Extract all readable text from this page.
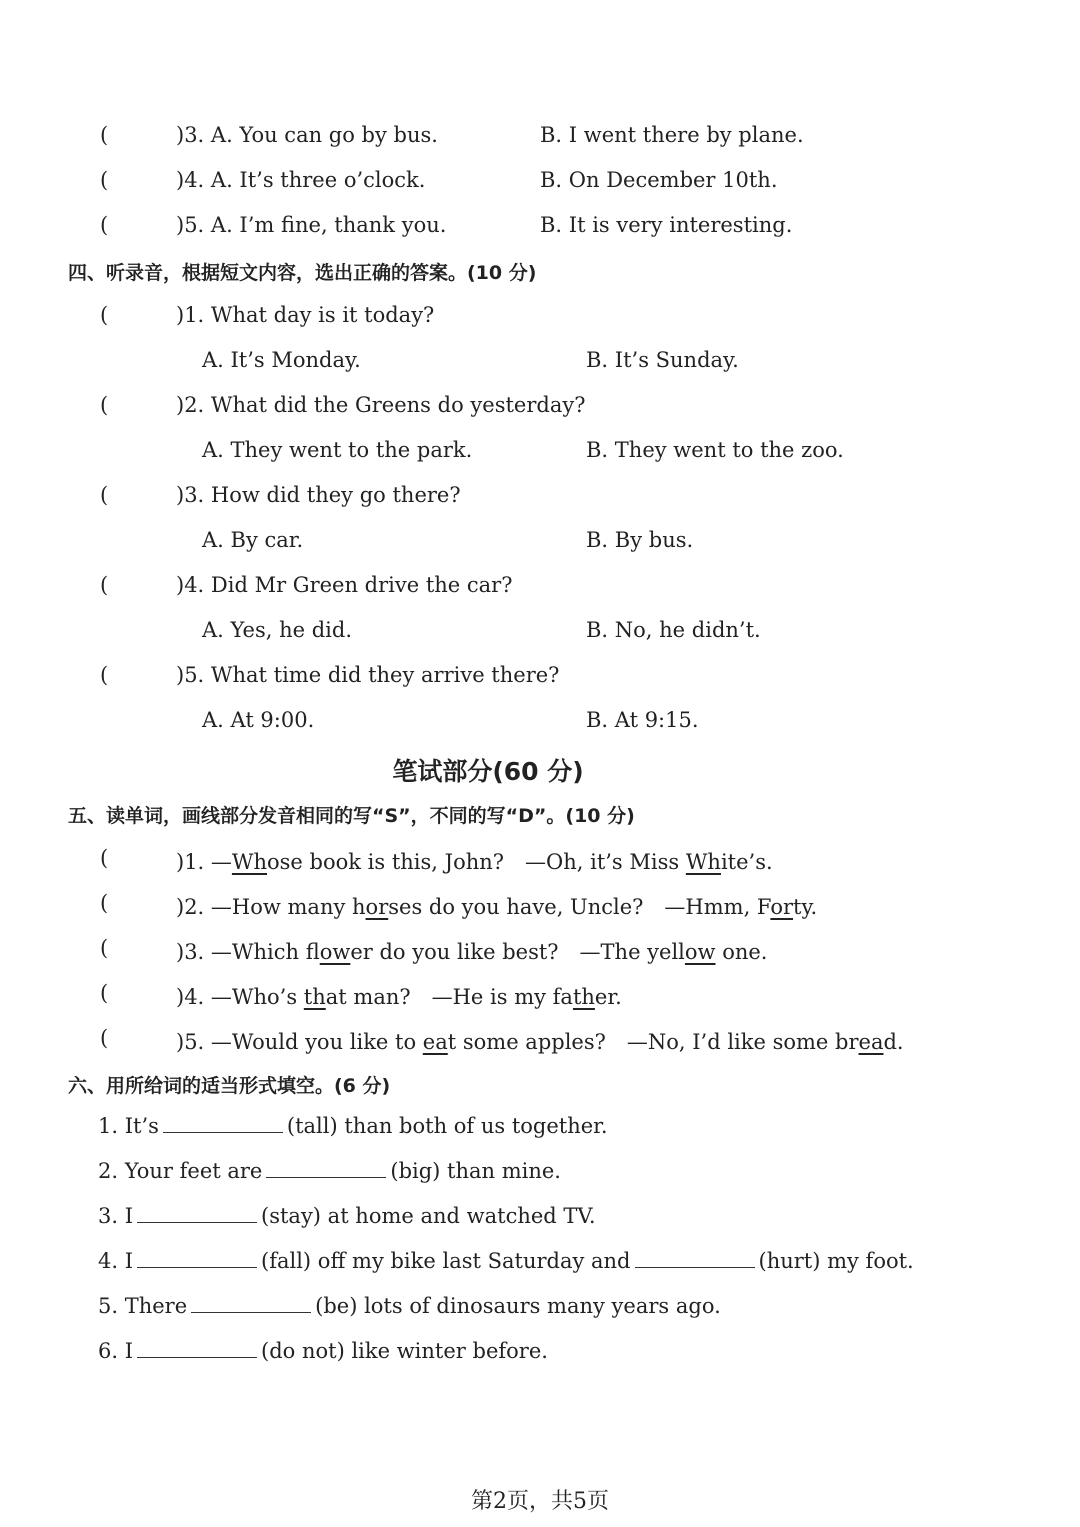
(	)3. A. You can go by bus.	B. I went there by plane.
(	)4. A. It’s three o’clock.	B. On December 10th.
(	)5. A. I’m fine, thank you.	B. It is very interesting.
四、听录音，根据短文内容，选出正确的答案。(10 分)
(	)1. What day is it today?
A. It’s Monday.	B. It’s Sunday.
(	)2. What did the Greens do yesterday?
A. They went to the park.	B. They went to the zoo.
(	)3. How did they go there?
A. By car.	B. By bus.
(	)4. Did Mr Green drive the car?
A. Yes, he did.	B. No, he didn’t.
(	)5. What time did they arrive there?
A. At 9:00.	B. At 9:15.
笔试部分(60 分)
五、读单词，画线部分发音相同的写“S”，不同的写“D”。(10 分)
(	)1. —Whose book is this, John?　—Oh, it’s Miss White’s.
(	)2. —How many horses do you have, Uncle?　—Hmm, Forty.
(	)3. —Which flower do you like best?　—The yellow one.
(	)4. —Who’s that man?　—He is my father.
(	)5. —Would you like to eat some apples?　—No, I’d like some bread.
六、用所给词的适当形式填空。(6 分)
1. It’s	(tall) than both of us together.
2. Your feet are	(big) than mine.
3. I	(stay) at home and watched TV.
4. I	(fall) off my bike last Saturday and	(hurt) my foot.
5. There	(be) lots of dinosaurs many years ago.
6. I	(do not) like winter before.
第2页，共5页
